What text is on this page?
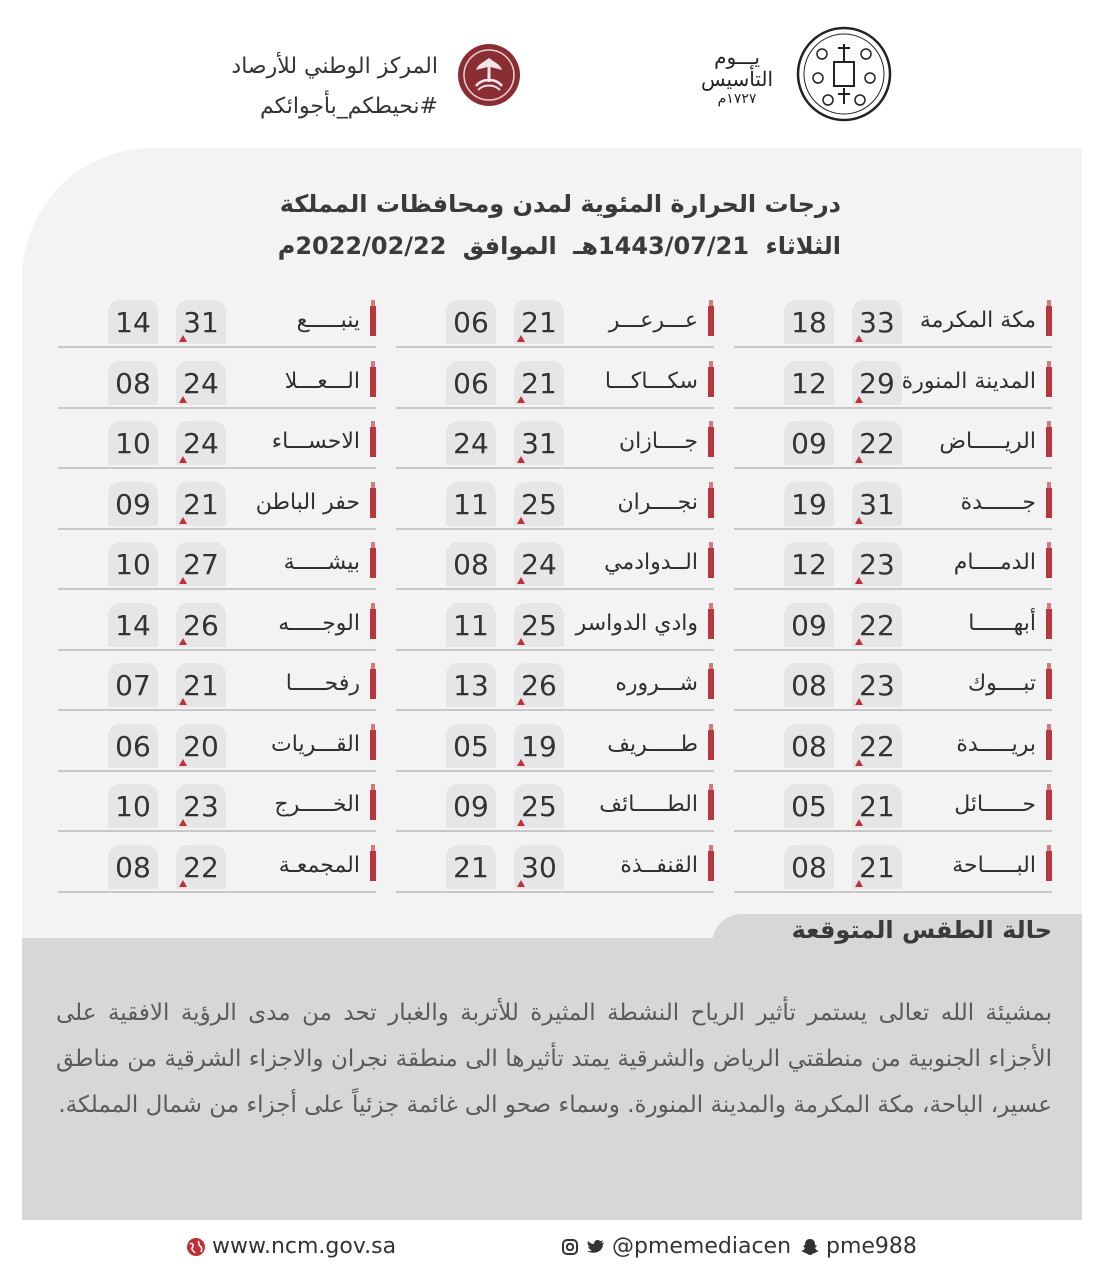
المركز الوطني للأرصاد
#نحيطكم_بأجوائكم
يـــوم
التأسيس
١٧٢٧م
درجات الحرارة المئوية لمدن ومحافظات المملكة
الثلاثاء 1443/07/21هـ الموافق 2022/02/22م
مكة المكرمة
33
18
المدينة المنورة
29
12
الريـــــاض
22
09
جــــــدة
31
19
الدمــــام
23
12
أبهــــــا
22
09
تبــــوك
23
08
بريـــــدة
22
08
حــــــائل
21
05
البـــــاحة
21
08
عـــرعـــر
21
06
سكـــاكـــا
21
06
جــــازان
31
24
نجــــران
25
11
الــدوادمي
24
08
وادي الدواسر
25
11
شـــروره
26
13
طـــــريف
19
05
الطـــــائف
25
09
القنفــذة
30
21
ينبـــــع
31
14
الـــعـــلا
24
08
الاحســـاء
24
10
حفر الباطن
21
09
بيشـــــة
27
10
الوجـــــه
26
14
رفحـــــا
21
07
القـــريات
20
06
الخـــــرج
23
10
المجمعـة
22
08
حالة الطقس المتوقعة
بمشيئة الله تعالى يستمر تأثير الرياح النشطة المثيرة للأتربة والغبار تحد من مدى الرؤية الافقية على الأجزاء الجنوبية من منطقتي الرياض والشرقية يمتد تأثيرها الى منطقة نجران والاجزاء الشرقية من مناطق عسير، الباحة، مكة المكرمة والمدينة المنورة. وسماء صحو الى غائمة جزئياً على أجزاء من شمال المملكة.
www.ncm.gov.sa	@pmemediacen pme988
